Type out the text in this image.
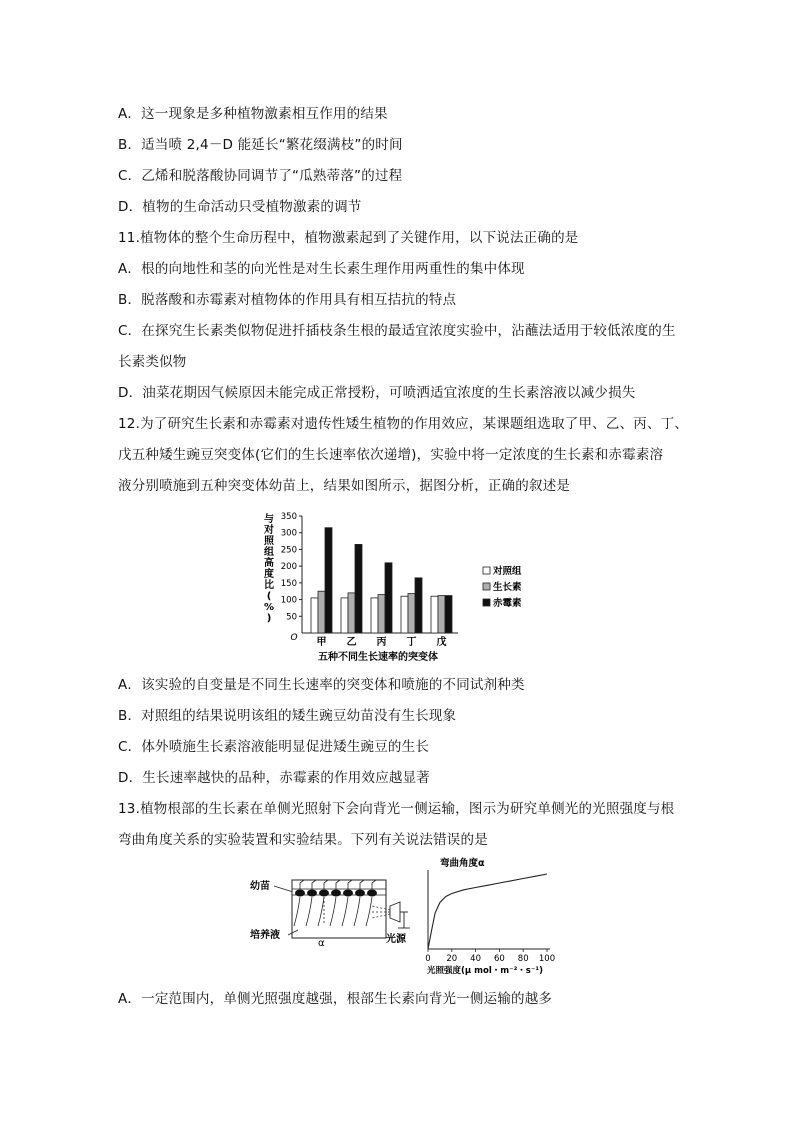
A．这一现象是多种植物激素相互作用的结果
B．适当喷 2,4－D 能延长“繁花缀满枝”的时间
C．乙烯和脱落酸协同调节了“瓜熟蒂落”的过程
D．植物的生命活动只受植物激素的调节
11.植物体的整个生命历程中，植物激素起到了关键作用，以下说法正确的是
A．根的向地性和茎的向光性是对生长素生理作用两重性的集中体现
B．脱落酸和赤霉素对植物体的作用具有相互拮抗的特点
C．在探究生长素类似物促进扦插枝条生根的最适宜浓度实验中，沾蘸法适用于较低浓度的生
长素类似物
D．油菜花期因气候原因未能完成正常授粉，可喷洒适宜浓度的生长素溶液以减少损失
12.为了研究生长素和赤霉素对遗传性矮生植物的作用效应，某课题组选取了甲、乙、丙、丁、
戊五种矮生豌豆突变体(它们的生长速率依次递增)，实验中将一定浓度的生长素和赤霉素溶
液分别喷施到五种突变体幼苗上，结果如图所示，据图分析，正确的叙述是
与
对
照
组
高
度
比
(
%
)
O
50
100
150
200
250
300
350
甲 乙 丙 丁 戊
对照组
生长素
赤霉素
五种不同生长速率的突变体
A．该实验的自变量是不同生长速率的突变体和喷施的不同试剂种类
B．对照组的结果说明该组的矮生豌豆幼苗没有生长现象
C．体外喷施生长素溶液能明显促进矮生豌豆的生长
D．生长速率越快的品种，赤霉素的作用效应越显著
13.植物根部的生长素在单侧光照射下会向背光一侧运输，图示为研究单侧光的光照强度与根
弯曲角度关系的实验装置和实验结果。下列有关说法错误的是
幼苗
α
培养液	光源
弯曲角度α
0 20 40 60 80 100
光照强度(μ mol・m⁻²・s⁻¹)
A．一定范围内，单侧光照强度越强，根部生长素向背光一侧运输的越多
